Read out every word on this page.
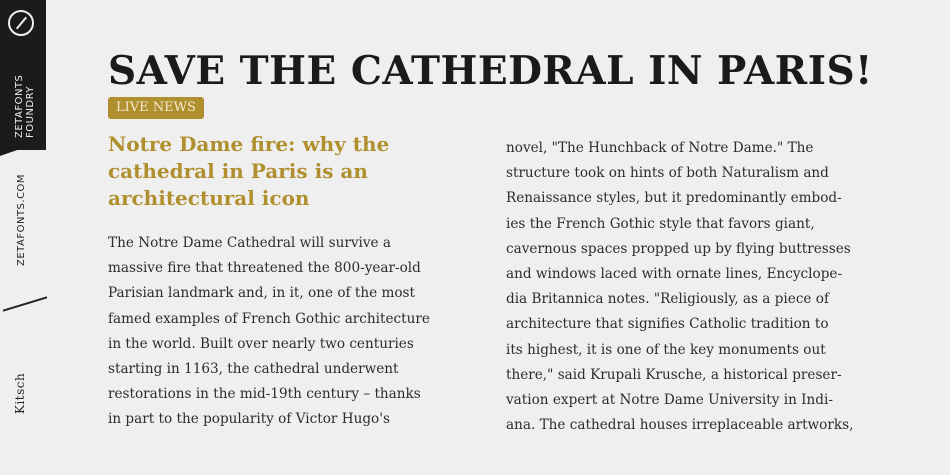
ZETAFONTS
FOUNDRY
ZETAFONTS.COM
Kitsch
SAVE THE CATHEDRAL IN PARIS!
LIVE NEWS
Notre Dame fire: why the
cathedral in Paris is an
architectural icon

The Notre Dame Cathedral will survive a
massive fire that threatened the 800-year-old
Parisian landmark and, in it, one of the most
famed examples of French Gothic architecture
in the world. Built over nearly two centuries
starting in 1163, the cathedral underwent
restorations in the mid-19th century – thanks
in part to the popularity of Victor Hugo's

novel, "The Hunchback of Notre Dame." The
structure took on hints of both Naturalism and
Renaissance styles, but it predominantly embod-
ies the French Gothic style that favors giant,
cavernous spaces propped up by flying buttresses
and windows laced with ornate lines, Encyclope-
dia Britannica notes. "Religiously, as a piece of
architecture that signifies Catholic tradition to
its highest, it is one of the key monuments out
there," said Krupali Krusche, a historical preser-
vation expert at Notre Dame University in Indi-
ana. The cathedral houses irreplaceable artworks,
